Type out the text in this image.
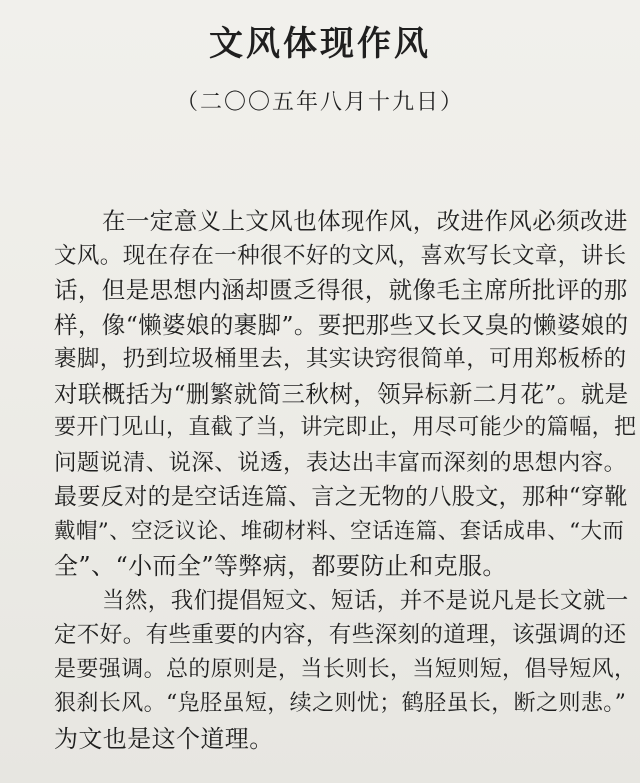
文风体现作风
（二〇〇五年八月十九日）
在一定意义上文风也体现作风，改进作风必须改进
文风。现在存在一种很不好的文风，喜欢写长文章，讲长
话，但是思想内涵却匮乏得很，就像毛主席所批评的那
样，像“懒婆娘的裹脚”。要把那些又长又臭的懒婆娘的
裹脚，扔到垃圾桶里去，其实诀窍很简单，可用郑板桥的
对联概括为“删繁就简三秋树，领异标新二月花”。就是
要开门见山，直截了当，讲完即止，用尽可能少的篇幅，把
问题说清、说深、说透，表达出丰富而深刻的思想内容。
最要反对的是空话连篇、言之无物的八股文，那种“穿靴
戴帽”、空泛议论、堆砌材料、空话连篇、套话成串、“大而
全”、“小而全”等弊病，都要防止和克服。
当然，我们提倡短文、短话，并不是说凡是长文就一
定不好。有些重要的内容，有些深刻的道理，该强调的还
是要强调。总的原则是，当长则长，当短则短，倡导短风，
狠刹长风。“凫胫虽短，续之则忧；鹤胫虽长，断之则悲。”
为文也是这个道理。
